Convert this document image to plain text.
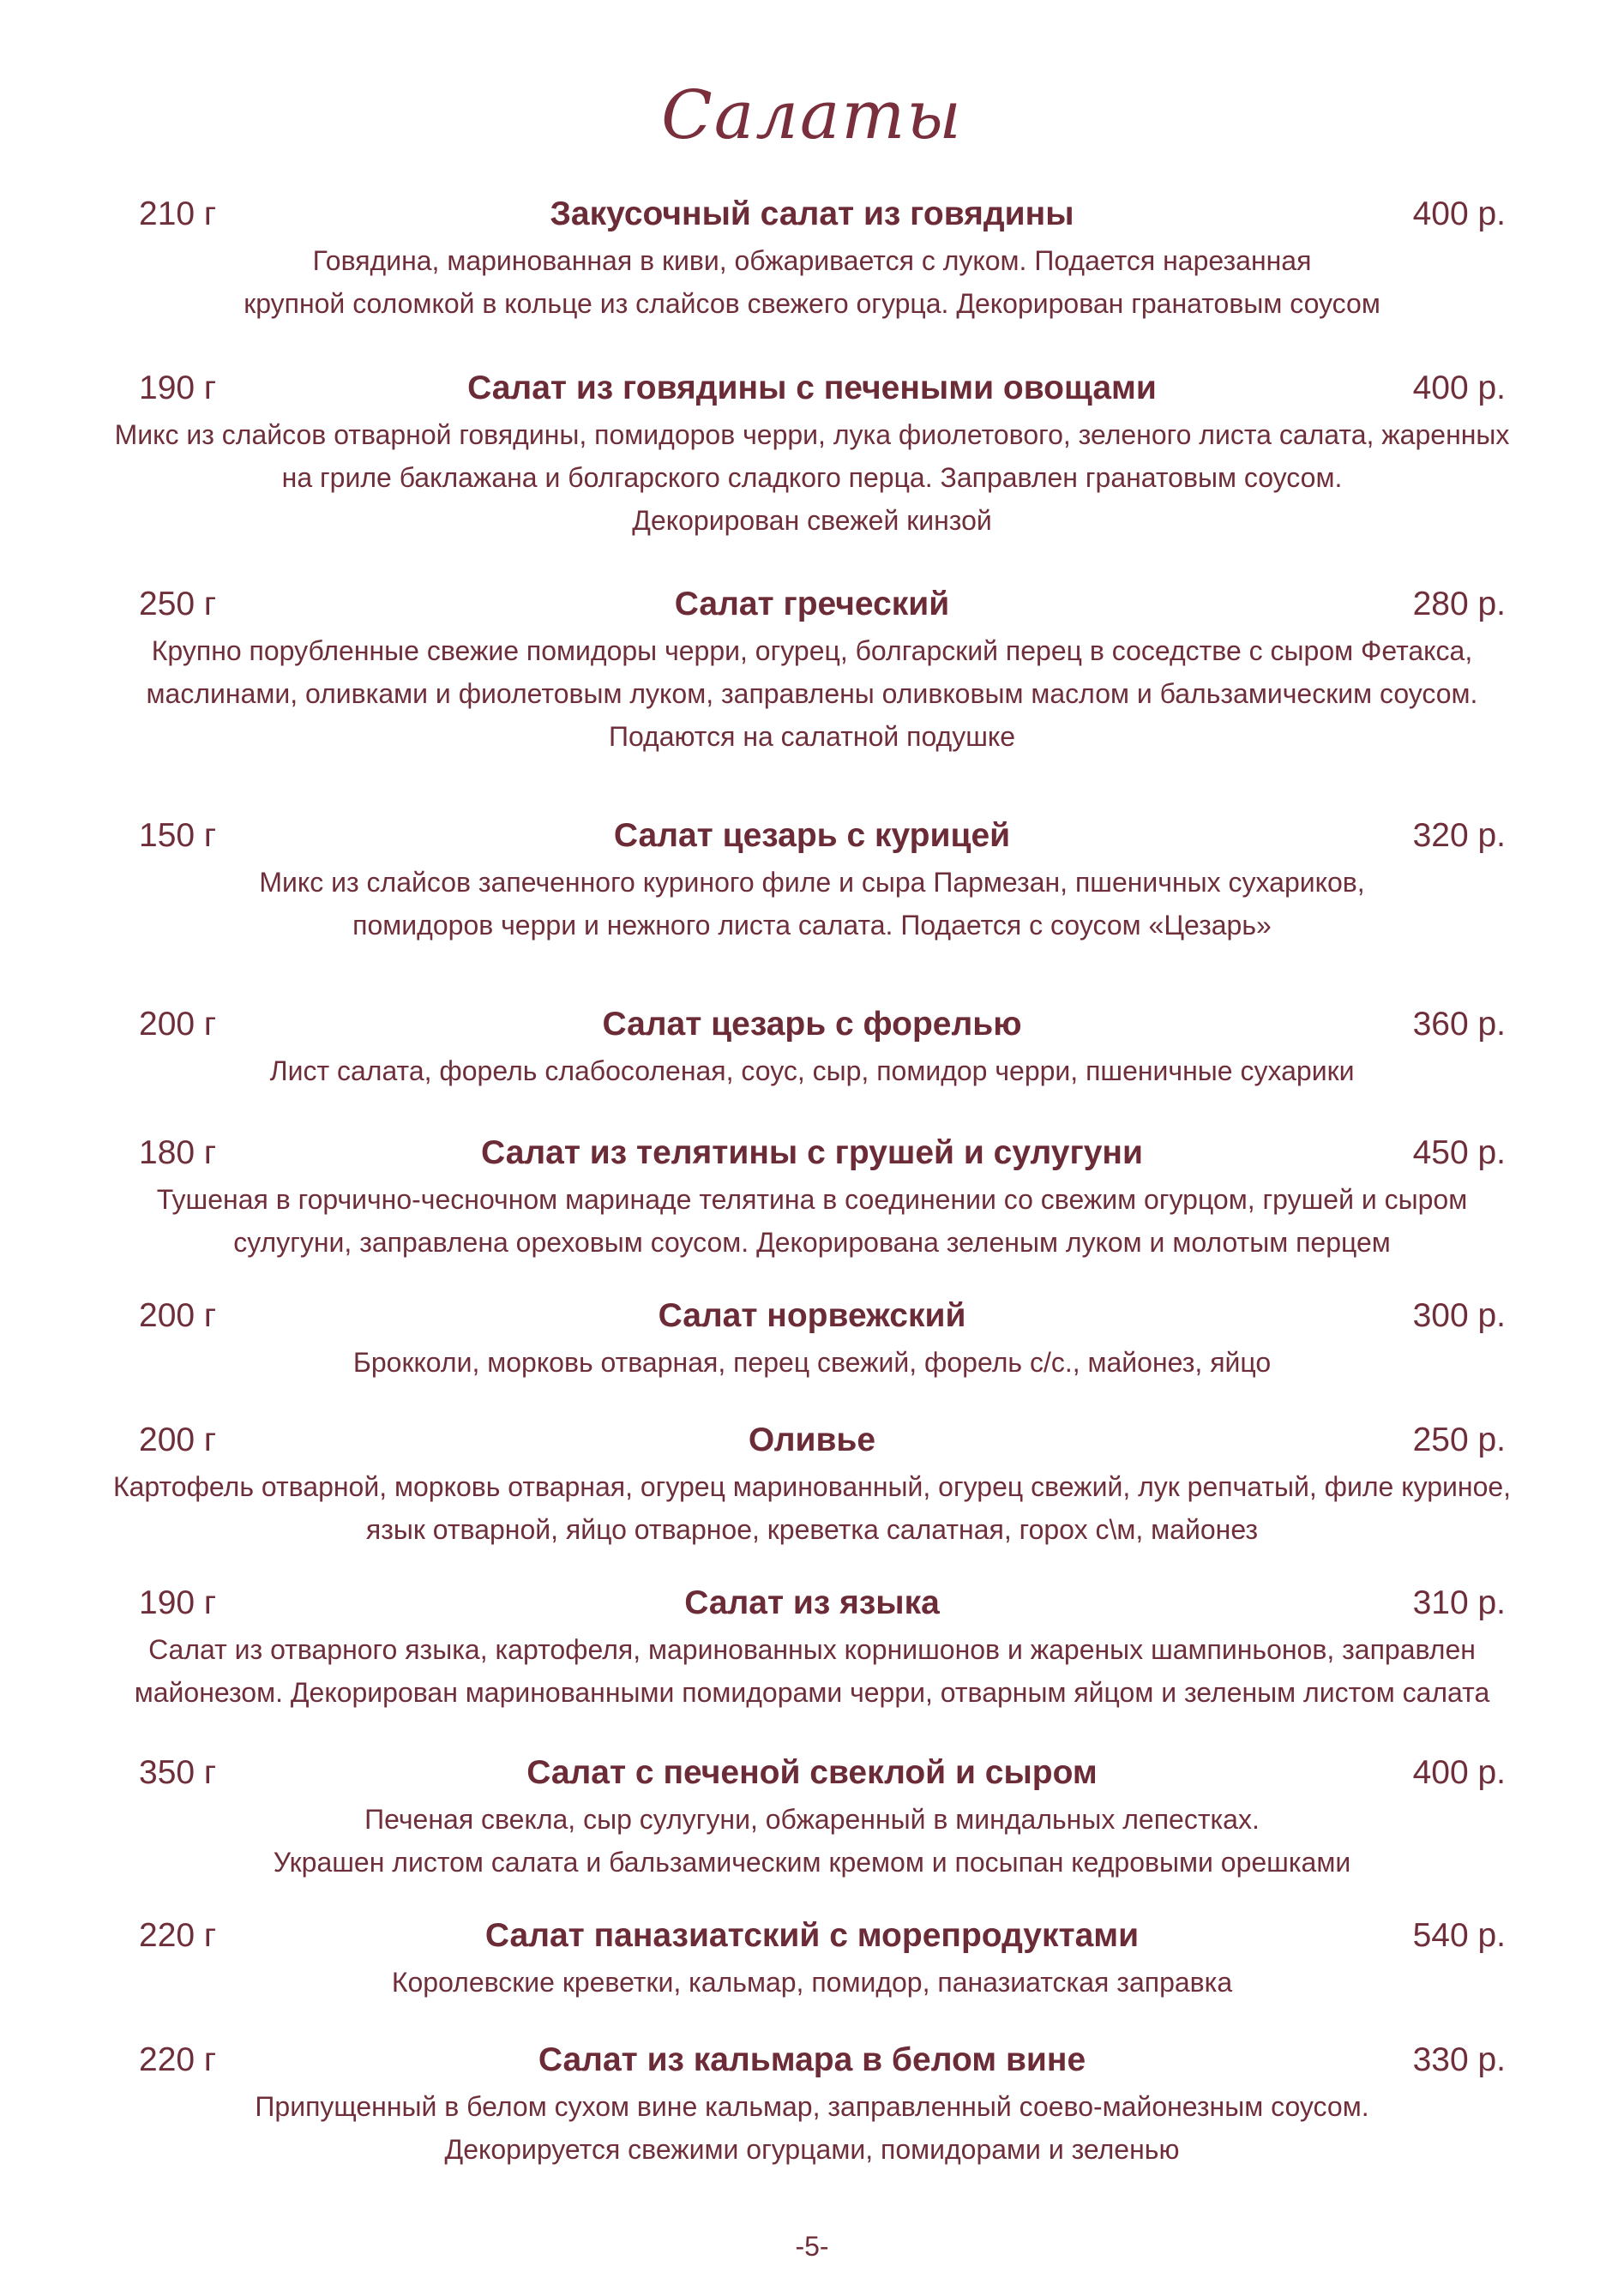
Салаты
210 г	Закусочный салат из говядины	400 р.
Говядина, маринованная в киви, обжаривается с луком. Подается нарезанная
крупной соломкой в кольце из слайсов свежего огурца. Декорирован гранатовым соусом
190 г	Салат из говядины с печеными овощами	400 р.
Микс из слайсов отварной говядины, помидоров черри, лука фиолетового, зеленого листа салата, жаренных
на гриле баклажана и болгарского сладкого перца. Заправлен гранатовым соусом.
Декорирован свежей кинзой
250 г	Салат греческий	280 р.
Крупно порубленные свежие помидоры черри, огурец, болгарский перец в соседстве с сыром Фетакса,
маслинами, оливками и фиолетовым луком, заправлены оливковым маслом и бальзамическим соусом.
Подаются на салатной подушке
150 г	Салат цезарь с курицей	320 р.
Микс из слайсов запеченного куриного филе и сыра Пармезан, пшеничных сухариков,
помидоров черри и нежного листа салата. Подается с соусом «Цезарь»
200 г	Салат цезарь с форелью	360 р.
Лист салата, форель слабосоленая, соус, сыр, помидор черри, пшеничные сухарики
180 г	Салат из телятины с грушей и сулугуни	450 р.
Тушеная в горчично-чесночном маринаде телятина в соединении со свежим огурцом, грушей и сыром
сулугуни, заправлена ореховым соусом. Декорирована зеленым луком и молотым перцем
200 г	Салат норвежский	300 р.
Брокколи, морковь отварная, перец свежий, форель с/с., майонез, яйцо
200 г	Оливье	250 р.
Картофель отварной, морковь отварная, огурец маринованный, огурец свежий, лук репчатый, филе куриное,
язык отварной, яйцо отварное, креветка салатная, горох с\м, майонез
190 г	Салат из языка	310 р.
Салат из отварного языка, картофеля, маринованных корнишонов и жареных шампиньонов, заправлен
майонезом. Декорирован маринованными помидорами черри, отварным яйцом и зеленым листом салата
350 г	Салат с печеной свеклой и сыром	400 р.
Печеная свекла, сыр сулугуни, обжаренный в миндальных лепестках.
Украшен листом салата и бальзамическим кремом и посыпан кедровыми орешками
220 г	Салат паназиатский с морепродуктами	540 р.
Королевские креветки, кальмар, помидор, паназиатская заправка
220 г	Салат из кальмара в белом вине	330 р.
Припущенный в белом сухом вине кальмар, заправленный соево-майонезным соусом.
Декорируется свежими огурцами, помидорами и зеленью
-5-
